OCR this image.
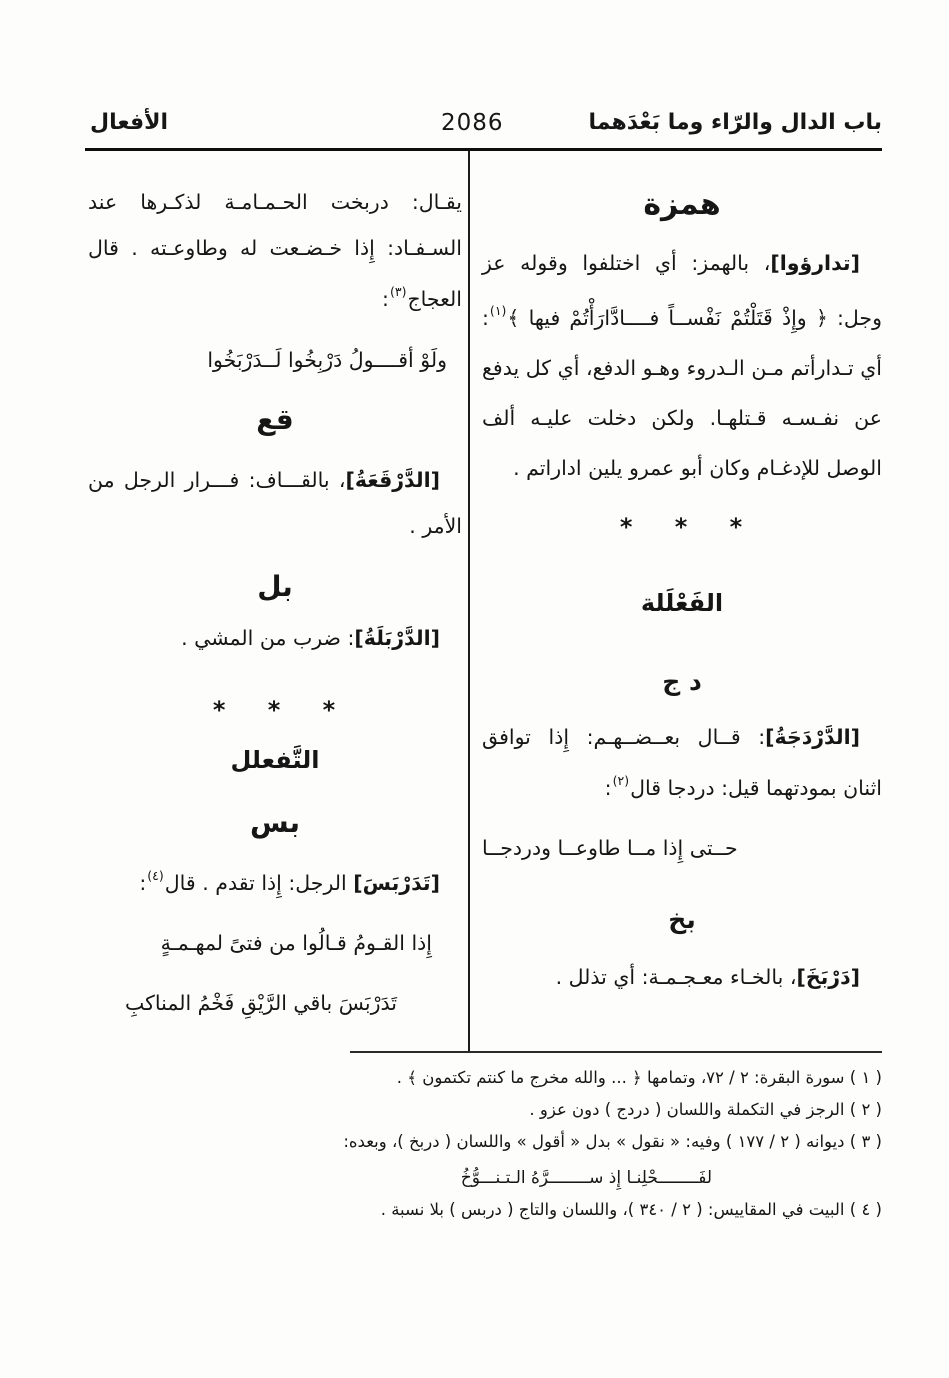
باب الدال والرّاء وما بَعْدَهما
2086
الأفعال
همزة

[تدارؤوا]، بالهمز: أي اختلفوا وقوله عز وجل: ﴿ وإِذْ قَتَلْتُمْ نَفْســاً فــــادَّارَأْتُمْ فيها ﴾$^{(١)}$: أي تـدارأتم مـن الـدروء وهـو الدفع، أي كل يدفع عن نفـسـه قـتلهـا. ولكن دخلت عليـه ألف الوصل للإدغـام وكان أبو عمرو يلين اداراتم .

* * *

الفَعْلَلة
د ج

[الدَّرْدَجَةُ]: قــال بعــضــهـم: إِذا توافق اثنان بمودتهما قيل: دردجا قال$^{(٢)}$:

حــتى إِذا مــا طاوعــا ودردجــا

بخ

[دَرْبَخَ]، بالخـاء معـجـمـة: أي تذلل .

يقـال: دربخت الحـمـامـة لذكـرها عند السـفـاد: إِذا خـضـعت له وطاوعـته . قال العجاج$^{(٣)}$:

ولَوْ أقــــولُ دَرْبِخُوا لَــدَرْبَخُوا

قع

[الدَّرْقَعَةُ]، بالقـــاف: فـــرار الرجل من الأمر .

بل

[الدَّرْبَلَةُ]: ضرب من المشي .

* * *

التَّفعلل
بس

[تَدَرْبَسَ] الرجل: إِذا تقدم . قال$^{(٤)}$:

إِذا القـومُ قـالُوا من فتىً لمهـمـةٍ

تَدَرْبَسَ باقي الرَّيْقِ فَخْمُ المناكبِ

( ١ ) سورة البقرة: ٢ / ٧٢، وتمامها ﴿ ... والله مخرج ما كنتم تكتمون ﴾ .

( ٢ ) الرجز في التكملة واللسان ( دردج ) دون عزو .

( ٣ ) ديوانه ( ٢ / ١٧٧ ) وفيه: « نقول » بدل « أقول » واللسان ( دربخ )، وبعده:

لفَــــــــحْلِنـا إِذ ســــــــرَّهُ الـتـنـــوُّخُ

( ٤ ) البيت في المقاييس: ( ٢ / ٣٤٠ )، واللسان والتاج ( دربس ) بلا نسبة .
